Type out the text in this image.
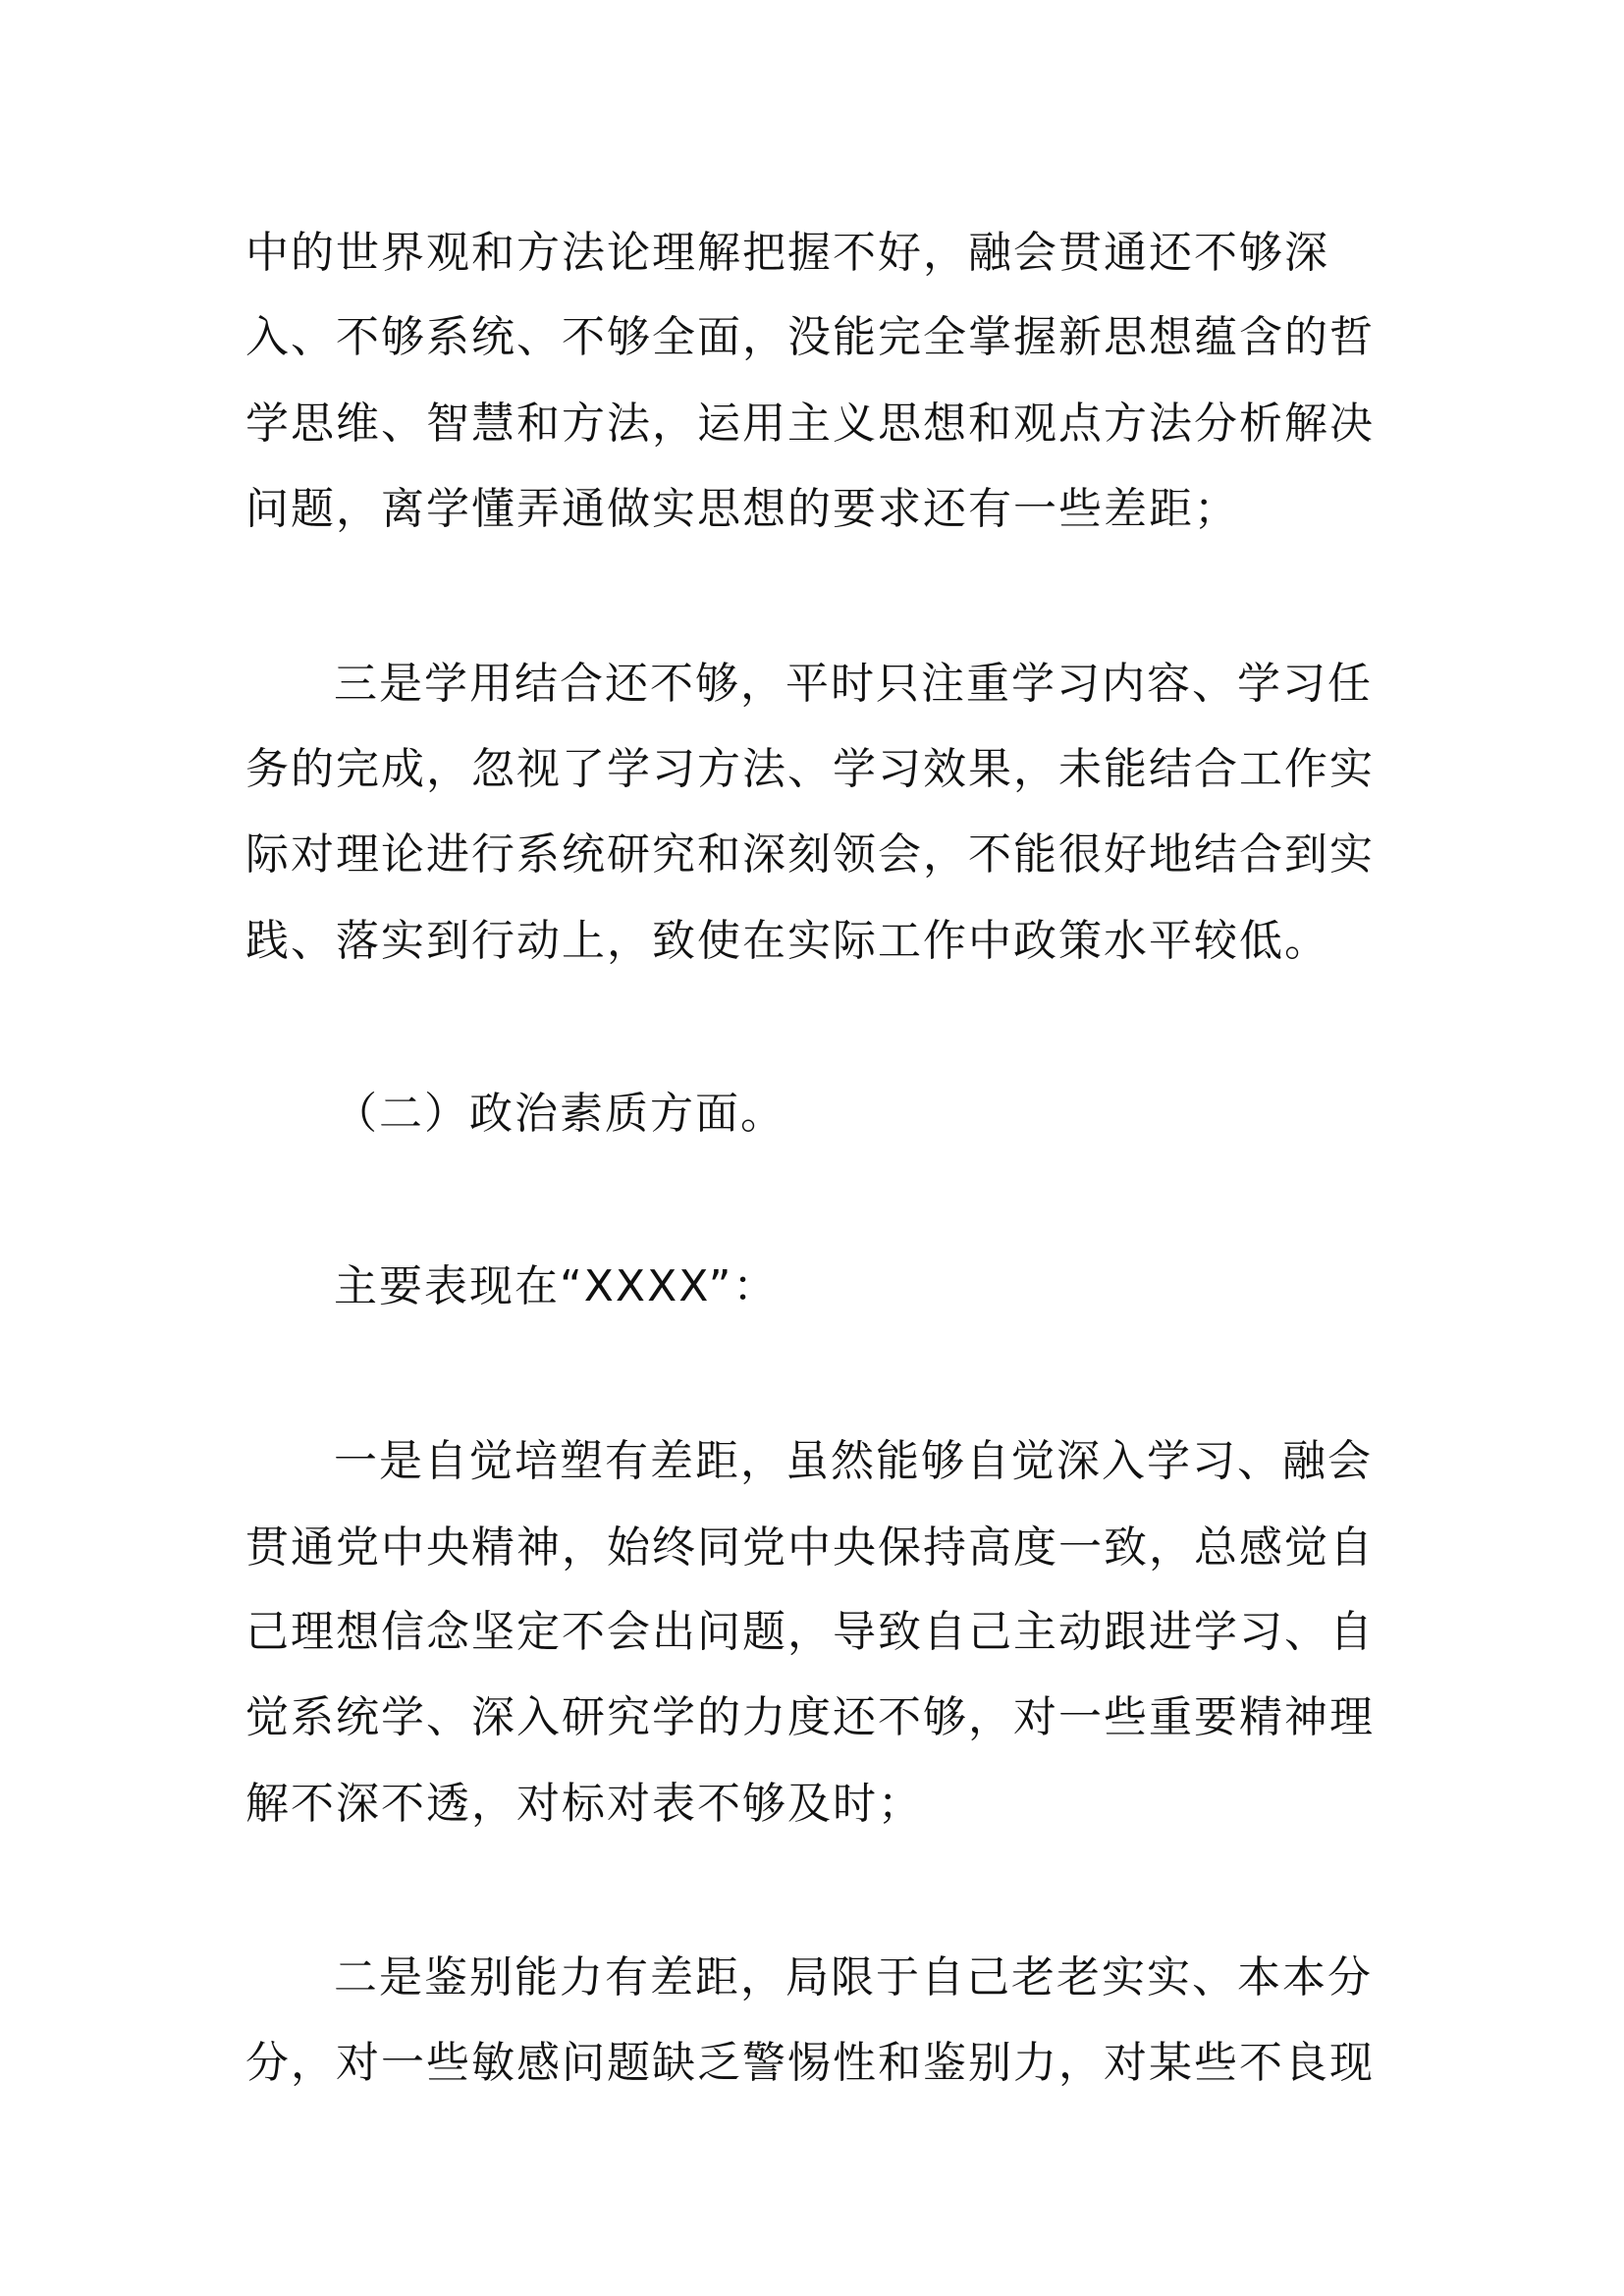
中的世界观和方法论理解把握不好，融会贯通还不够深
入、不够系统、不够全面，没能完全掌握新思想蕴含的哲
学思维、智慧和方法，运用主义思想和观点方法分析解决
问题，离学懂弄通做实思想的要求还有一些差距；
三是学用结合还不够，平时只注重学习内容、学习任
务的完成，忽视了学习方法、学习效果，未能结合工作实
际对理论进行系统研究和深刻领会，不能很好地结合到实
践、落实到行动上，致使在实际工作中政策水平较低。
（二）政治素质方面。
主要表现在“XXXX”：
一是自觉培塑有差距，虽然能够自觉深入学习、融会
贯通党中央精神，始终同党中央保持高度一致，总感觉自
己理想信念坚定不会出问题，导致自己主动跟进学习、自
觉系统学、深入研究学的力度还不够，对一些重要精神理
解不深不透，对标对表不够及时；
二是鉴别能力有差距，局限于自己老老实实、本本分
分，对一些敏感问题缺乏警惕性和鉴别力，对某些不良现
